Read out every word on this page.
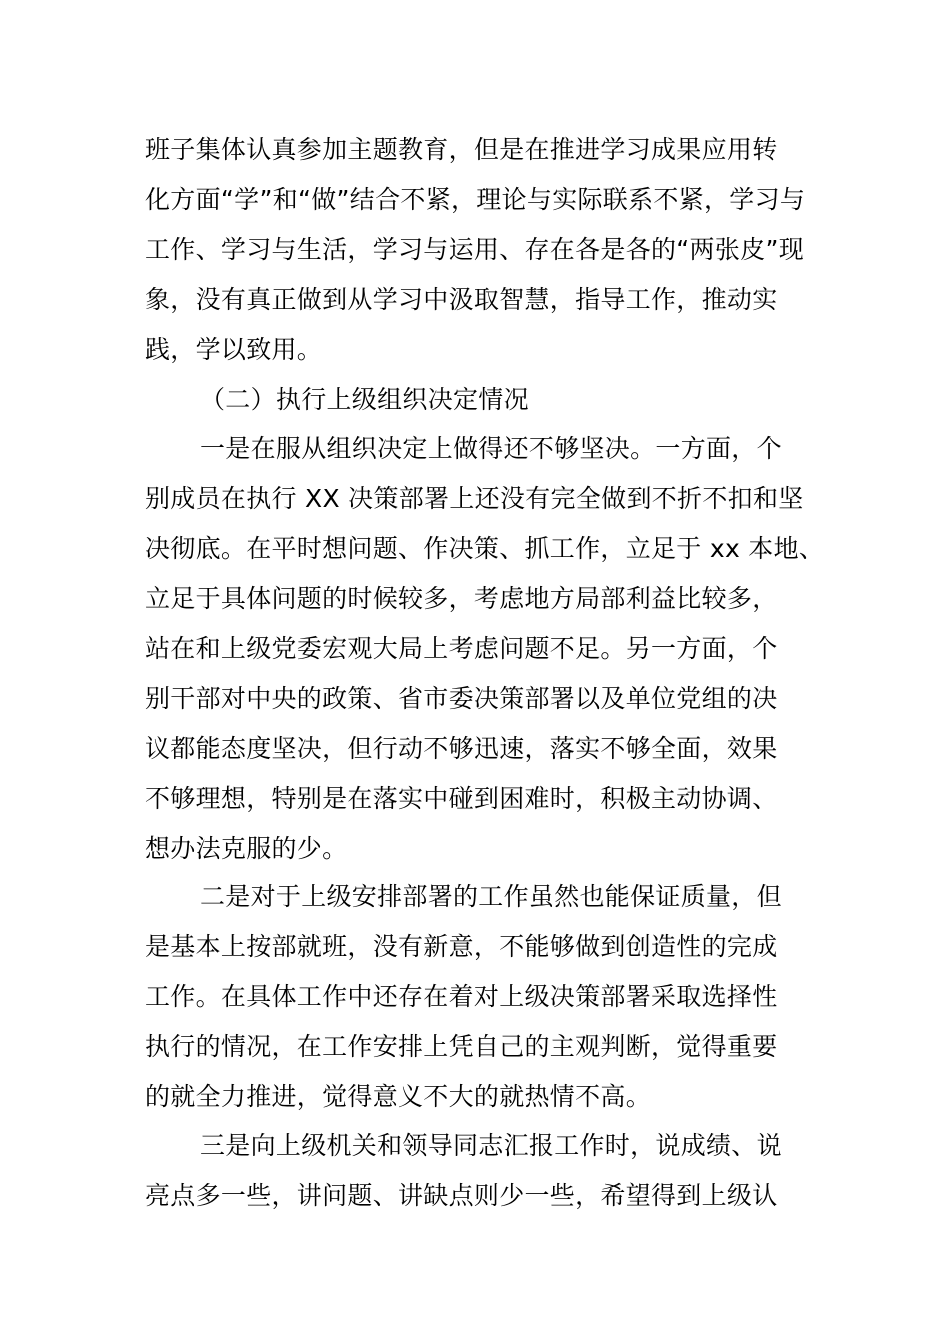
班子集体认真参加主题教育，但是在推进学习成果应用转
化方面“学”和“做”结合不紧，理论与实际联系不紧，学习与
工作、学习与生活，学习与运用、存在各是各的“两张皮”现
象，没有真正做到从学习中汲取智慧，指导工作，推动实
践，学以致用。
（二）执行上级组织决定情况
一是在服从组织决定上做得还不够坚决。一方面，个
别成员在执行 XX 决策部署上还没有完全做到不折不扣和坚
决彻底。在平时想问题、作决策、抓工作，立足于 xx 本地、
立足于具体问题的时候较多，考虑地方局部利益比较多，
站在和上级党委宏观大局上考虑问题不足。另一方面，个
别干部对中央的政策、省市委决策部署以及单位党组的决
议都能态度坚决，但行动不够迅速，落实不够全面，效果
不够理想，特别是在落实中碰到困难时，积极主动协调、
想办法克服的少。
二是对于上级安排部署的工作虽然也能保证质量，但
是基本上按部就班，没有新意，不能够做到创造性的完成
工作。在具体工作中还存在着对上级决策部署采取选择性
执行的情况，在工作安排上凭自己的主观判断，觉得重要
的就全力推进，觉得意义不大的就热情不高。
三是向上级机关和领导同志汇报工作时，说成绩、说
亮点多一些，讲问题、讲缺点则少一些，希望得到上级认
